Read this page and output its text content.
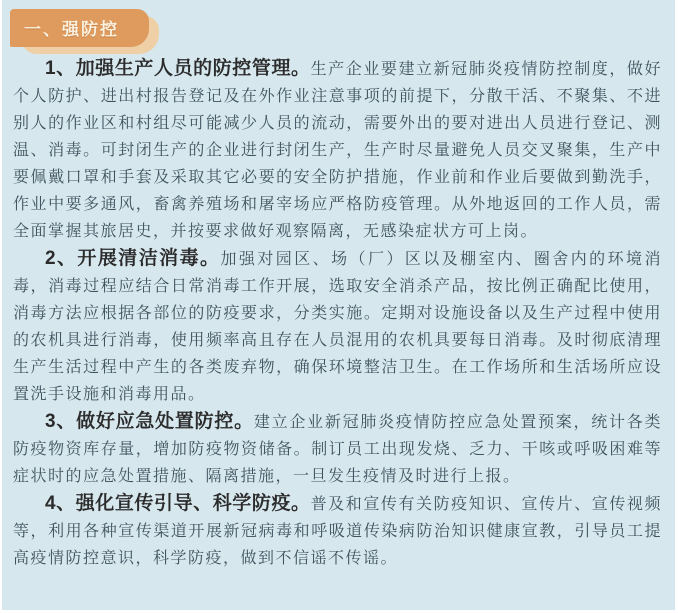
一、强防控

1、加强生产人员的防控管理。生产企业要建立新冠肺炎疫情防控制度，做好个人防护、进出村报告登记及在外作业注意事项的前提下，分散干活、不聚集、不进别人的作业区和村组尽可能减少人员的流动，需要外出的要对进出人员进行登记、测温、消毒。可封闭生产的企业进行封闭生产，生产时尽量避免人员交叉聚集，生产中要佩戴口罩和手套及采取其它必要的安全防护措施，作业前和作业后要做到勤洗手，作业中要多通风，畜禽养殖场和屠宰场应严格防疫管理。从外地返回的工作人员，需全面掌握其旅居史，并按要求做好观察隔离，无感染症状方可上岗。

2、开展清洁消毒。加强对园区、场（厂）区以及棚室内、圈舍内的环境消毒，消毒过程应结合日常消毒工作开展，选取安全消杀产品，按比例正确配比使用，消毒方法应根据各部位的防疫要求，分类实施。定期对设施设备以及生产过程中使用的农机具进行消毒，使用频率高且存在人员混用的农机具要每日消毒。及时彻底清理生产生活过程中产生的各类废弃物，确保环境整洁卫生。在工作场所和生活场所应设置洗手设施和消毒用品。

3、做好应急处置防控。建立企业新冠肺炎疫情防控应急处置预案，统计各类防疫物资库存量，增加防疫物资储备。制订员工出现发烧、乏力、干咳或呼吸困难等症状时的应急处置措施、隔离措施，一旦发生疫情及时进行上报。

4、强化宣传引导、科学防疫。普及和宣传有关防疫知识、宣传片、宣传视频等，利用各种宣传渠道开展新冠病毒和呼吸道传染病防治知识健康宣教，引导员工提高疫情防控意识，科学防疫，做到不信谣不传谣。
